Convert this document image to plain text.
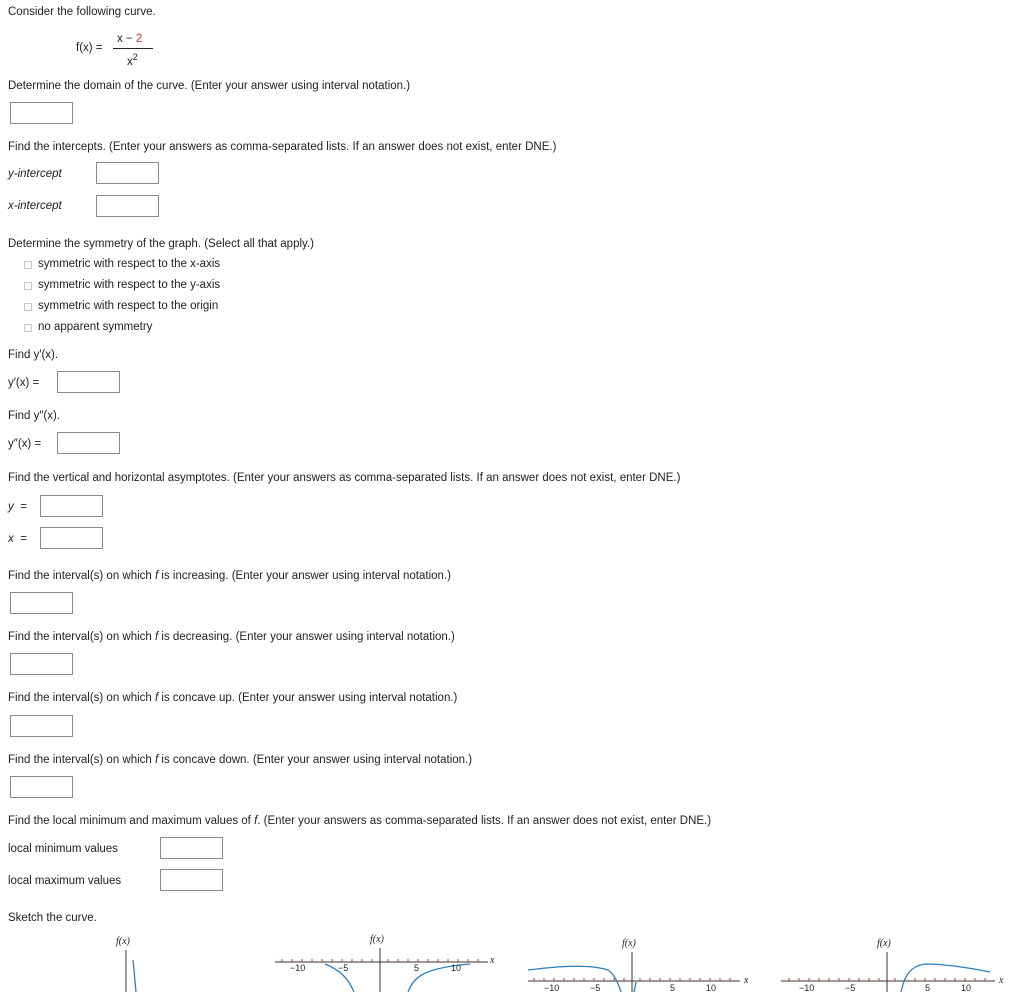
Consider the following curve.
f(x) =
x − 2
$x^2$
Determine the domain of the curve. (Enter your answer using interval notation.)
Find the intercepts. (Enter your answers as comma-separated lists. If an answer does not exist, enter DNE.)
y-intercept
x-intercept
Determine the symmetry of the graph. (Select all that apply.)
symmetric with respect to the x-axis
symmetric with respect to the y-axis
symmetric with respect to the origin
no apparent symmetry
Find y′(x).
y′(x) =
Find y″(x).
y″(x) =
Find the vertical and horizontal asymptotes. (Enter your answers as comma-separated lists. If an answer does not exist, enter DNE.)
y  =
x  =
Find the interval(s) on which f is increasing. (Enter your answer using interval notation.)
Find the interval(s) on which f is decreasing. (Enter your answer using interval notation.)
Find the interval(s) on which f is concave up. (Enter your answer using interval notation.)
Find the interval(s) on which f is concave down. (Enter your answer using interval notation.)
Find the local minimum and maximum values of f. (Enter your answers as comma-separated lists. If an answer does not exist, enter DNE.)
local minimum values
local maximum values
Sketch the curve.
f(x)	f(x)
x
−10	−5	5	10
f(x)
x
−10	−5	5	10
f(x)
x
−10	−5	5	10
